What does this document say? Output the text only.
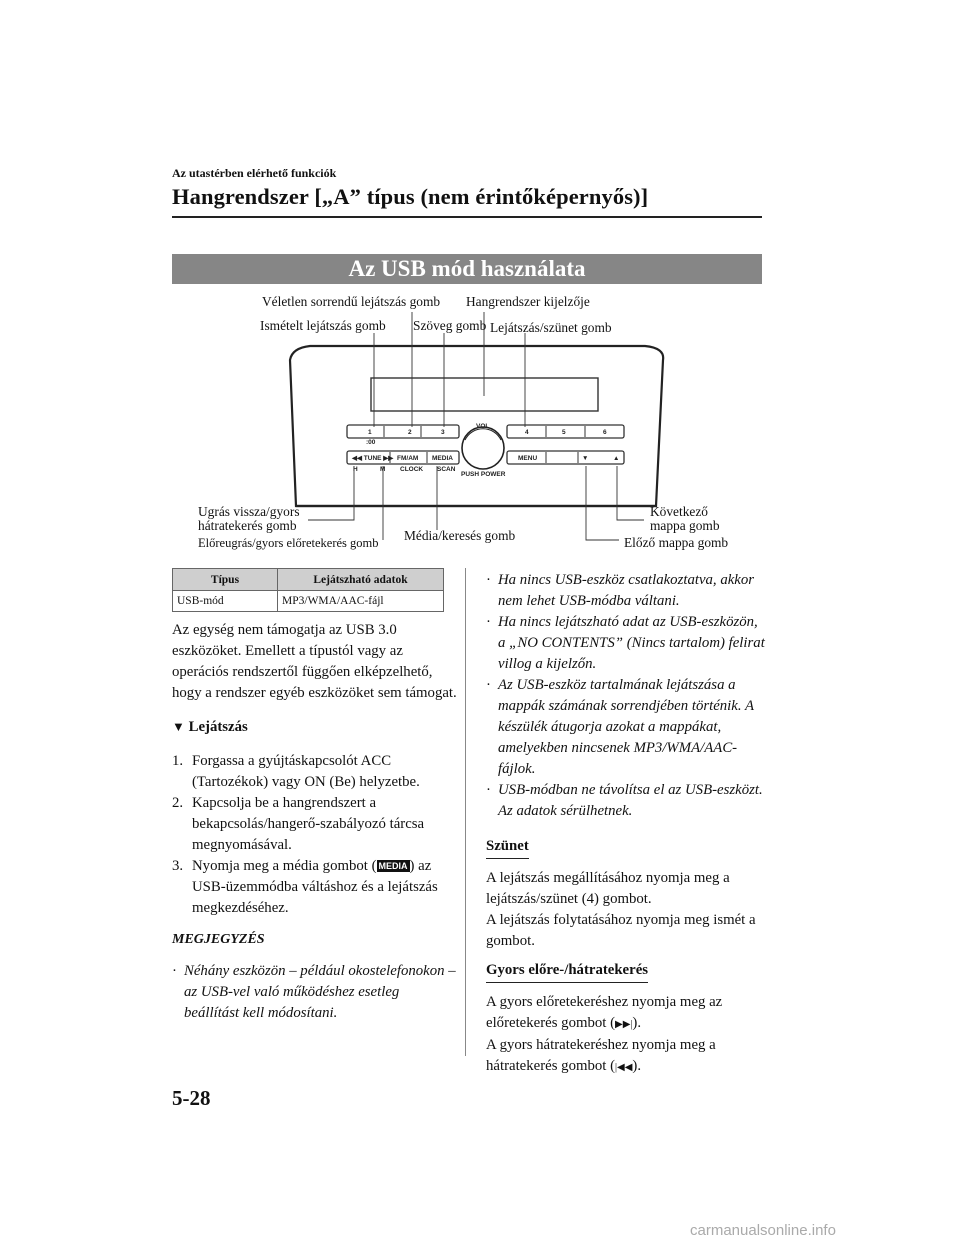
Az utastérben elérhető funkciók
Hangrendszer [„A” típus (nem érintőképernyős)]
Az USB mód használata
1	2	3	4	5	6
:00
VOL
PUSH POWER
◀◀ TUNE ▶▶ FM/AM MEDIA	MENU	▼	▲
H	M CLOCK SCAN
Véletlen sorrendű lejátszás gomb Hangrendszer kijelzője
Ismételt lejátszás gomb Szöveg gomb Lejátszás/szünet gomb
Ugrás vissza/gyors
hátratekerés gomb
Előreugrás/gyors előretekerés gomb Média/keresés gomb
Következő
mappa gomb
Előző mappa gomb
Típus	Lejátszható adatok
USB-mód	MP3/WMA/AAC-fájl

Az egység nem támogatja az USB 3.0 eszközöket. Emellett a típustól vagy az operációs rendszertől függően elképzelhető, hogy a rendszer egyéb eszközöket sem támogat.

▼ Lejátszás
1. Forgassa a gyújtáskapcsolót ACC (Tartozékok) vagy ON (Be) helyzetbe.
2. Kapcsolja be a hangrendszert a bekapcsolás/hangerő-szabályozó tárcsa megnyomásával.
3. Nyomja meg a média gombot ( MEDIA ) az USB-üzemmódba váltáshoz és a lejátszás megkezdéséhez.
MEGJEGYZÉS
· Néhány eszközön – például okostelefonokon – az USB-vel való működéshez esetleg beállítást kell módosítani.
· Ha nincs USB-eszköz csatlakoztatva, akkor nem lehet USB-módba váltani.
· Ha nincs lejátszható adat az USB-eszközön, a „NO CONTENTS” (Nincs tartalom) felirat villog a kijelzőn.
· Az USB-eszköz tartalmának lejátszása a mappák számának sorrendjében történik. A készülék átugorja azokat a mappákat, amelyekben nincsenek MP3/WMA/AAC-fájlok.
· USB-módban ne távolítsa el az USB-eszközt. Az adatok sérülhetnek.
Szünet

A lejátszás megállításához nyomja meg a lejátszás/szünet (4) gombot.

A lejátszás folytatásához nyomja meg ismét a gombot.

Gyors előre-/hátratekerés

A gyors előretekeréshez nyomja meg az előretekerés gombot (▶▶|).

A gyors hátratekeréshez nyomja meg a hátratekerés gombot (|◀◀).

5-28
carmanualsonline.info
